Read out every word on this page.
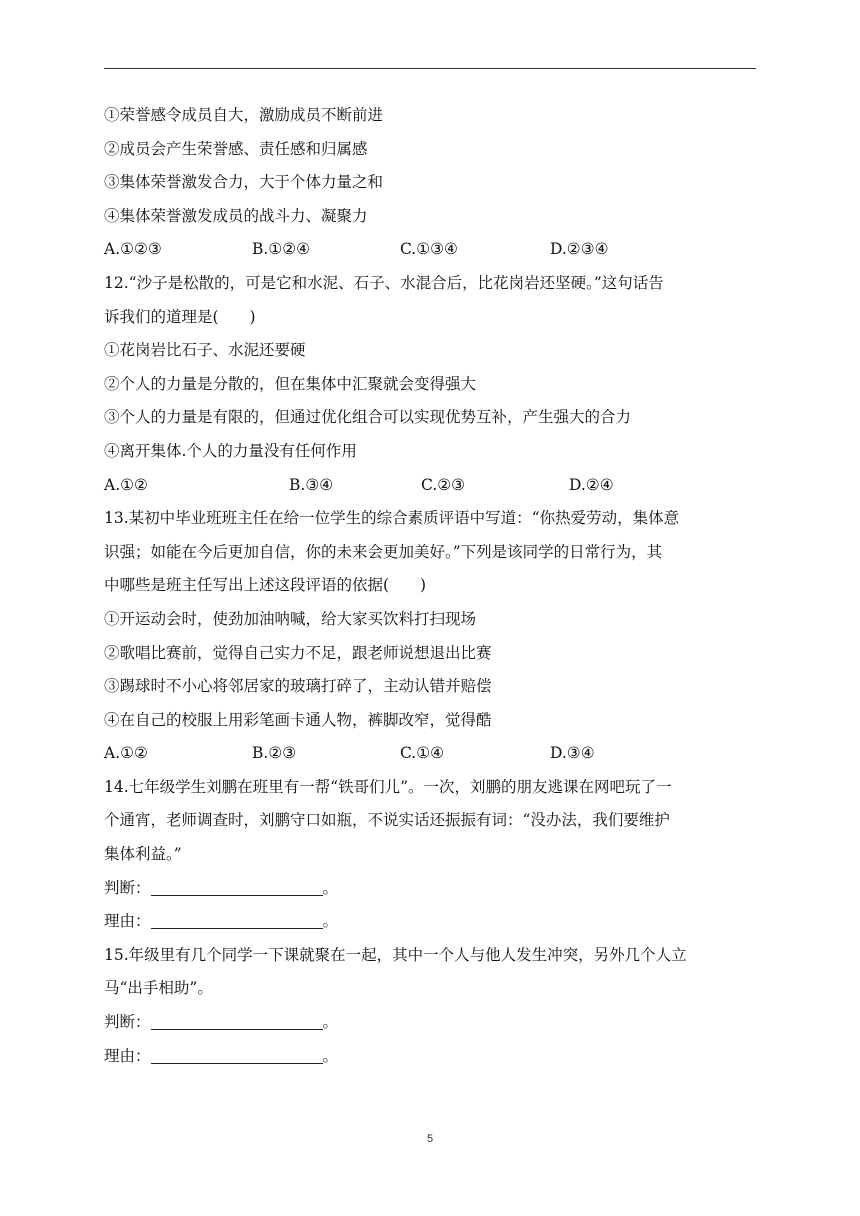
①荣誉感令成员自大，激励成员不断前进
②成员会产生荣誉感、责任感和归属感
③集体荣誉激发合力，大于个体力量之和
④集体荣誉激发成员的战斗力、凝聚力
A.①②③	B.①②④	C.①③④	D.②③④
12.“沙子是松散的，可是它和水泥、石子、水混合后，比花岗岩还坚硬。”这句话告
诉我们的道理是(　　)
①花岗岩比石子、水泥还要硬
②个人的力量是分散的，但在集体中汇聚就会变得强大
③个人的力量是有限的，但通过优化组合可以实现优势互补，产生强大的合力
④离开集体.个人的力量没有任何作用
A.①②	B.③④	C.②③	D.②④
13.某初中毕业班班主任在给一位学生的综合素质评语中写道：“你热爱劳动，集体意
识强；如能在今后更加自信，你的未来会更加美好。”下列是该同学的日常行为，其
中哪些是班主任写出上述这段评语的依据(　　)
①开运动会时，使劲加油呐喊，给大家买饮料打扫现场
②歌唱比赛前，觉得自己实力不足，跟老师说想退出比赛
③踢球时不小心将邻居家的玻璃打碎了，主动认错并赔偿
④在自己的校服上用彩笔画卡通人物，裤脚改窄，觉得酷
A.①②	B.②③	C.①④	D.③④
14.七年级学生刘鹏在班里有一帮“铁哥们儿”。一次，刘鹏的朋友逃课在网吧玩了一
个通宵，老师调查时，刘鹏守口如瓶，不说实话还振振有词：“没办法，我们要维护
集体利益。”
判断：	。
理由：	。
15.年级里有几个同学一下课就聚在一起，其中一个人与他人发生冲突，另外几个人立
马“出手相助”。
判断：	。
理由：	。
5
